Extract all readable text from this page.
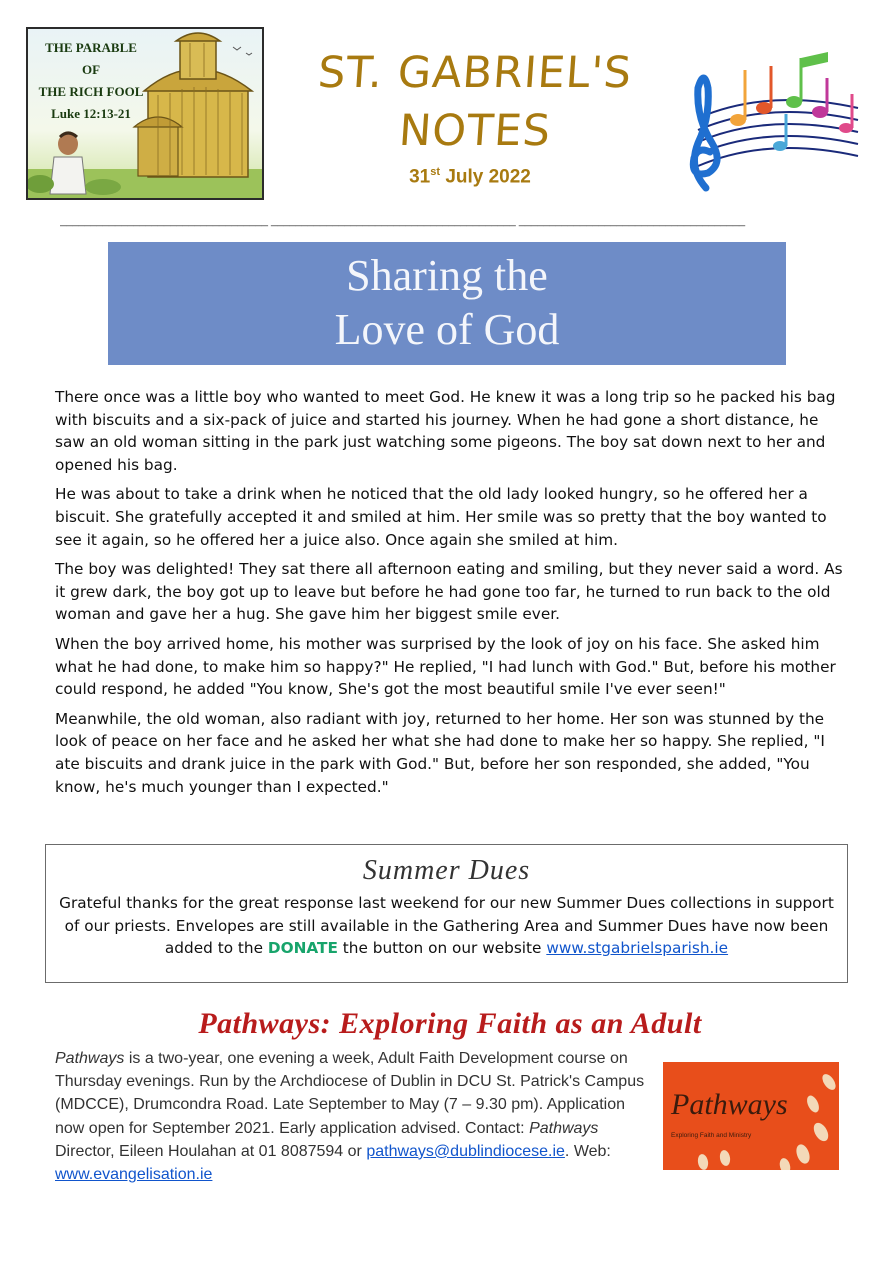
THE PARABLE
OF
THE RICH FOOL
Luke 12:13-21
ST. GABRIEL'S
NOTES
31st July 2022
__________________________________ ________________________________________ _____________________________________
Sharing the
Love of God

There once was a little boy who wanted to meet God. He knew it was a long trip so he packed his bag with biscuits and a six-pack of juice and started his journey. When he had gone a short distance, he saw an old woman sitting in the park just watching some pigeons. The boy sat down next to her and opened his bag.

He was about to take a drink when he noticed that the old lady looked hungry, so he offered her a biscuit. She gratefully accepted it and smiled at him. Her smile was so pretty that the boy wanted to see it again, so he offered her a juice also. Once again she smiled at him.

The boy was delighted! They sat there all afternoon eating and smiling, but they never said a word. As it grew dark, the boy got up to leave but before he had gone too far, he turned to run back to the old woman and gave her a hug. She gave him her biggest smile ever.

When the boy arrived home, his mother was surprised by the look of joy on his face. She asked him what he had done, to make him so happy?" He replied, "I had lunch with God." But, before his mother could respond, he added "You know, She's got the most beautiful smile I've ever seen!"

Meanwhile, the old woman, also radiant with joy, returned to her home. Her son was stunned by the look of peace on her face and he asked her what she had done to make her so happy. She replied, "I ate biscuits and drank juice in the park with God." But, before her son responded, she added, "You know, he's much younger than I expected."

Summer Dues
Grateful thanks for the great response last weekend for our new Summer Dues collections in support of our priests. Envelopes are still available in the Gathering Area and Summer Dues have now been added to the DONATE the button on our website www.stgabrielsparish.ie
Pathways: Exploring Faith as an Adult
Pathways is a two-year, one evening a week, Adult Faith Development course on Thursday evenings. Run by the Archdiocese of Dublin in DCU St. Patrick's Campus (MDCCE), Drumcondra Road. Late September to May (7 – 9.30 pm). Application now open for September 2021. Early application advised. Contact: Pathways Director, Eileen Houlahan at 01 8087594 or pathways@dublindiocese.ie. Web: www.evangelisation.ie
Pathways
Exploring Faith and Ministry
